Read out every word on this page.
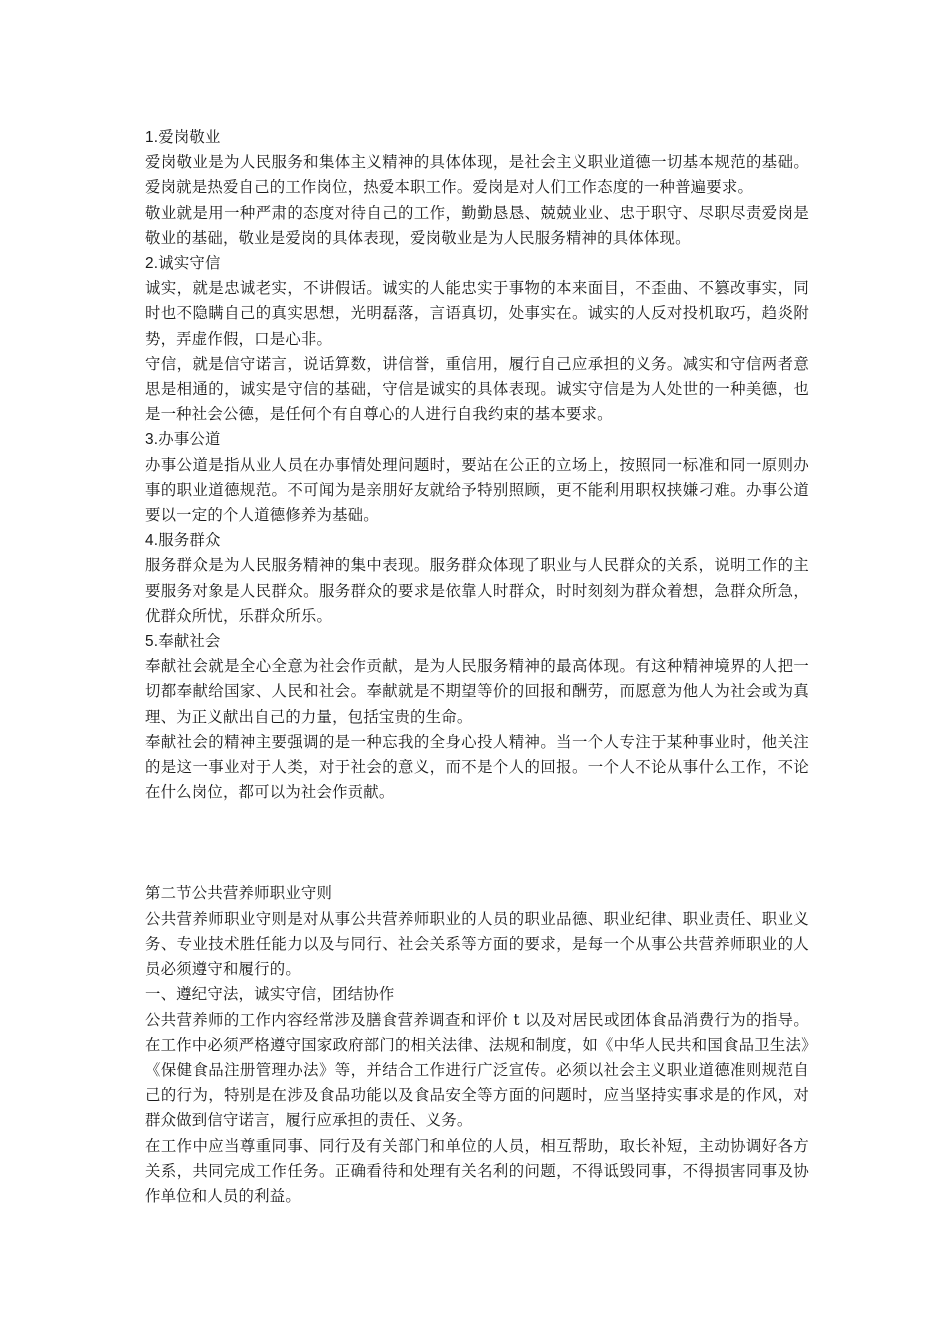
1.爱岗敬业

爱岗敬业是为人民服务和集体主义精神的具体体现，是社会主义职业道德一切基本规范的基础。爱岗就是热爱自己的工作岗位，热爱本职工作。爱岗是对人们工作态度的一种普遍要求。

敬业就是用一种严肃的态度对待自己的工作，勤勤恳恳、兢兢业业、忠于职守、尽职尽责爱岗是敬业的基础，敬业是爱岗的具体表现，爱岗敬业是为人民服务精神的具体体现。

2.诚实守信

诚实，就是忠诚老实，不讲假话。诚实的人能忠实于事物的本来面目，不歪曲、不篡改事实，同时也不隐瞒自己的真实思想，光明磊落，言语真切，处事实在。诚实的人反对投机取巧，趋炎附势，弄虚作假，口是心非。

守信，就是信守诺言，说话算数，讲信誉，重信用，履行自己应承担的义务。减实和守信两者意思是相通的，诚实是守信的基础，守信是诚实的具体表现。诚实守信是为人处世的一种美德，也是一种社会公德，是任何个有自尊心的人进行自我约束的基本要求。

3.办事公道

办事公道是指从业人员在办事情处理问题时，要站在公正的立场上，按照同一标准和同一原则办事的职业道德规范。不可闻为是亲朋好友就给予特别照顾，更不能利用职权挟嫌刁难。办事公道要以一定的个人道德修养为基础。

4.服务群众

服务群众是为人民服务精神的集中表现。服务群众体现了职业与人民群众的关系，说明工作的主要服务对象是人民群众。服务群众的要求是依靠人时群众，时时刻刻为群众着想，急群众所急，优群众所忧，乐群众所乐。

5.奉献社会

奉献社会就是全心全意为社会作贡献，是为人民服务精神的最高体现。有这种精神境界的人把一切都奉献给国家、人民和社会。奉献就是不期望等价的回报和酬劳，而愿意为他人为社会或为真理、为正义献出自己的力量，包括宝贵的生命。

奉献社会的精神主要强调的是一种忘我的全身心投人精神。当一个人专注于某种事业时，他关注的是这一事业对于人类，对于社会的意义，而不是个人的回报。一个人不论从事什么工作，不论在什么岗位，都可以为社会作贡献。

第二节公共营养师职业守则

公共营养师职业守则是对从事公共营养师职业的人员的职业品德、职业纪律、职业责任、职业义务、专业技术胜任能力以及与同行、社会关系等方面的要求，是每一个从事公共营养师职业的人员必须遵守和履行的。

一、遵纪守法，诚实守信，团结协作

公共营养师的工作内容经常涉及膳食营养调查和评价 t 以及对居民或团体食品消费行为的指导。在工作中必须严格遵守国家政府部门的相关法律、法规和制度，如《中华人民共和国食品卫生法》《保健食品注册管理办法》等，并结合工作进行广泛宣传。必须以社会主义职业道德准则规范自己的行为，特别是在涉及食品功能以及食品安全等方面的问题时，应当坚持实事求是的作风，对群众做到信守诺言，履行应承担的责任、义务。

在工作中应当尊重同事、同行及有关部门和单位的人员，相互帮助，取长补短，主动协调好各方关系，共同完成工作任务。正确看待和处理有关名利的问题，不得诋毁同事，不得损害同事及协作单位和人员的利益。
